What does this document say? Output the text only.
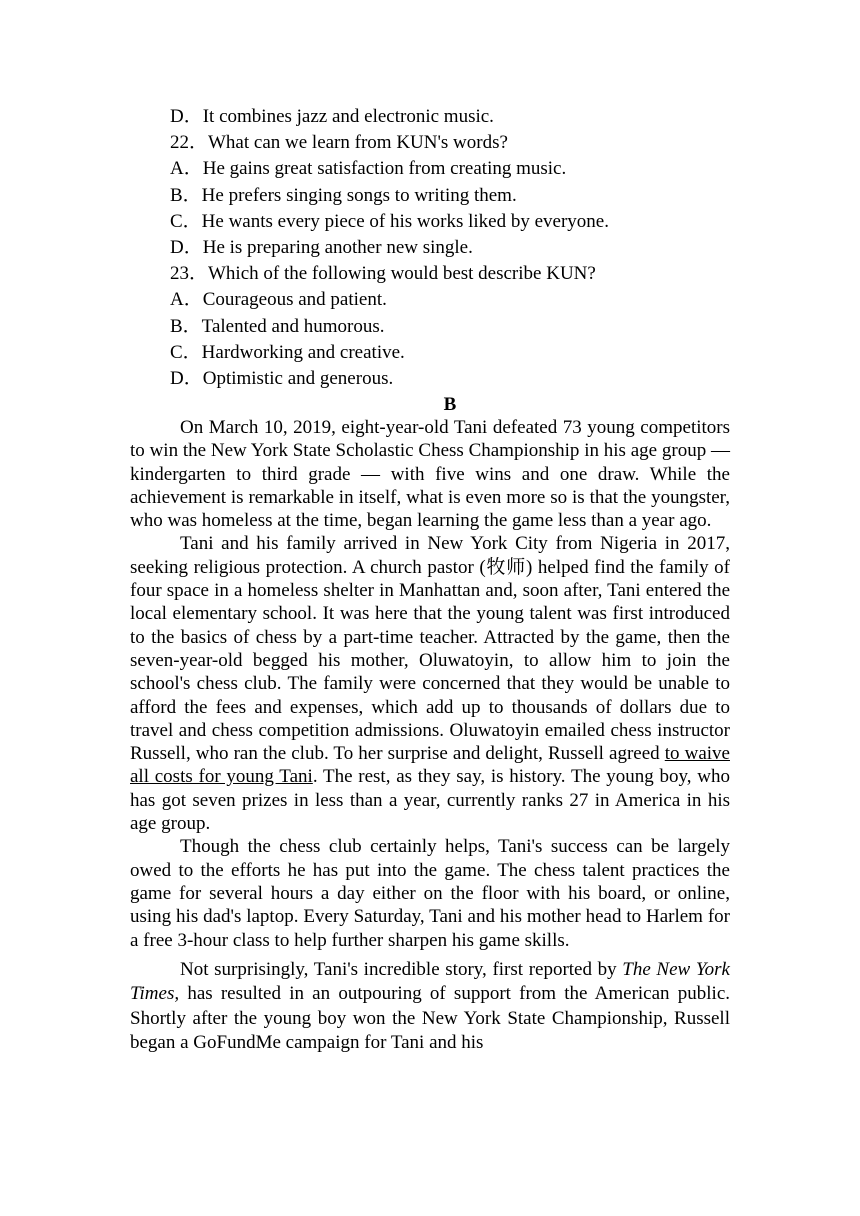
D．It combines jazz and electronic music.
22．What can we learn from KUN's words?
A．He gains great satisfaction from creating music.
B．He prefers singing songs to writing them.
C．He wants every piece of his works liked by everyone.
D．He is preparing another new single.
23．Which of the following would best describe KUN?
A．Courageous and patient.
B．Talented and humorous.
C．Hardworking and creative.
D．Optimistic and generous.
B

On March 10, 2019, eight-year-old Tani defeated 73 young competitors to win the New York State Scholastic Chess Championship in his age group — kindergarten to third grade — with five wins and one draw. While the achievement is remarkable in itself, what is even more so is that the youngster, who was homeless at the time, began learning the game less than a year ago.

Tani and his family arrived in New York City from Nigeria in 2017, seeking religious protection. A church pastor (牧师) helped find the family of four space in a homeless shelter in Manhattan and, soon after, Tani entered the local elementary school. It was here that the young talent was first introduced to the basics of chess by a part-time teacher. Attracted by the game, then the seven-year-old begged his mother, Oluwatoyin, to allow him to join the school's chess club. The family were concerned that they would be unable to afford the fees and expenses, which add up to thousands of dollars due to travel and chess competition admissions. Oluwatoyin emailed chess instructor Russell, who ran the club. To her surprise and delight, Russell agreed to waive all costs for young Tani. The rest, as they say, is history. The young boy, who has got seven prizes in less than a year, currently ranks 27 in America in his age group.

Though the chess club certainly helps, Tani's success can be largely owed to the efforts he has put into the game. The chess talent practices the game for several hours a day either on the floor with his board, or online, using his dad's laptop. Every Saturday, Tani and his mother head to Harlem for a free 3-hour class to help further sharpen his game skills.

Not surprisingly, Tani's incredible story, first reported by The New York Times, has resulted in an outpouring of support from the American public. Shortly after the young boy won the New York State Championship, Russell began a GoFundMe campaign for Tani and his
